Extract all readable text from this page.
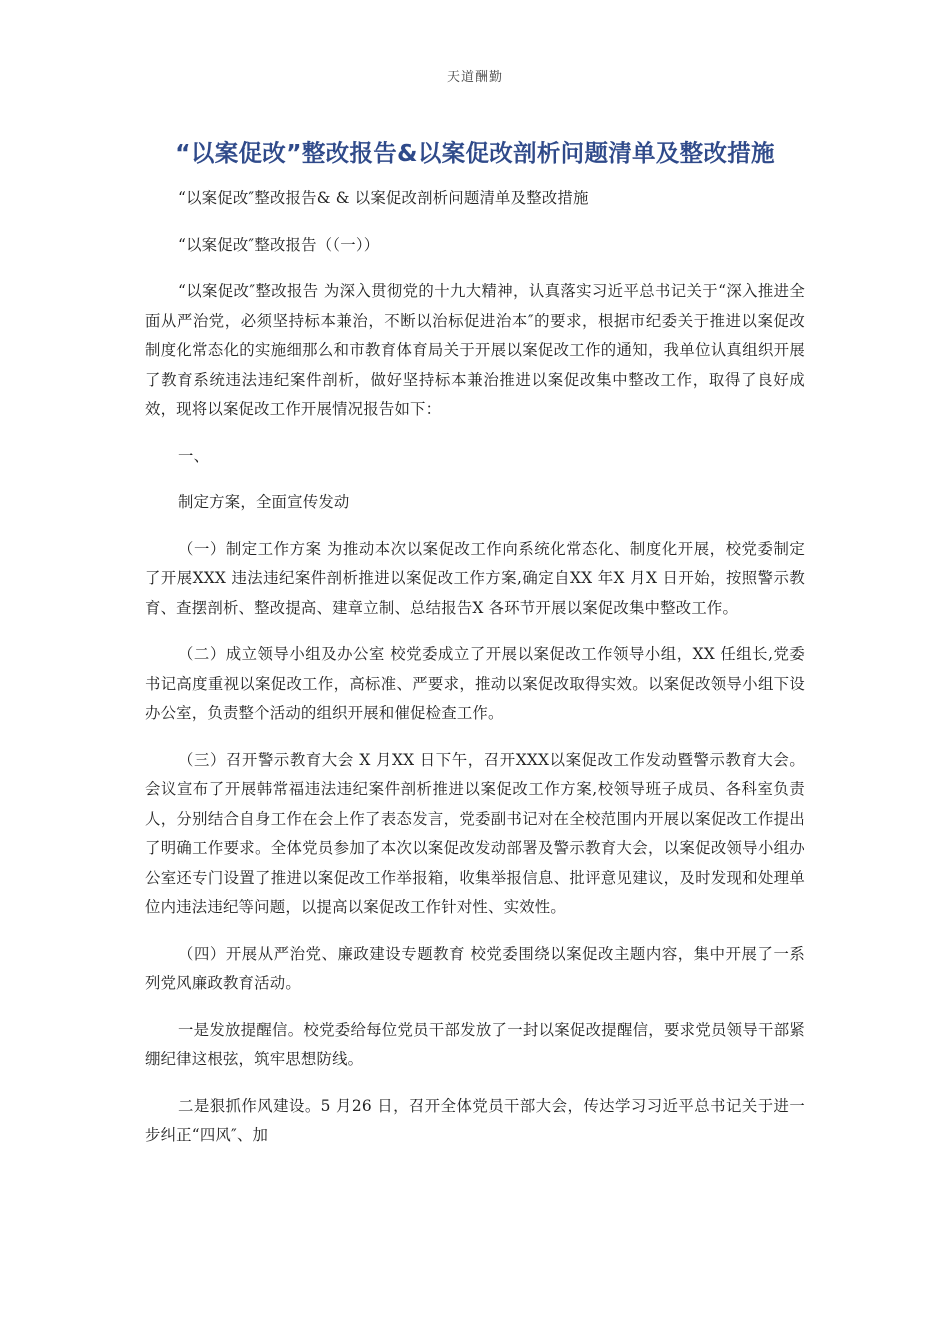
天道酬勤
“以案促改”整改报告&以案促改剖析问题清单及整改措施

“以案促改″整改报告& & 以案促改剖析问题清单及整改措施

“以案促改″整改报告（（一））

“以案促改″整改报告 为深入贯彻党的十九大精神，认真落实习近平总书记关于“深入推进全面从严治党，必须坚持标本兼治，不断以治标促进治本″的要求，根据市纪委关于推进以案促改制度化常态化的实施细那么和市教育体育局关于开展以案促改工作的通知，我单位认真组织开展了教育系统违法违纪案件剖析，做好坚持标本兼治推进以案促改集中整改工作，取得了良好成效，现将以案促改工作开展情况报告如下：

一、

制定方案，全面宣传发动

（一）制定工作方案 为推动本次以案促改工作向系统化常态化、制度化开展，校党委制定了开展XXX 违法违纪案件剖析推进以案促改工作方案,确定自XX 年X 月X 日开始，按照警示教育、查摆剖析、整改提高、建章立制、总结报告X 各环节开展以案促改集中整改工作。

（二）成立领导小组及办公室 校党委成立了开展以案促改工作领导小组，XX 任组长,党委书记高度重视以案促改工作，高标准、严要求，推动以案促改取得实效。以案促改领导小组下设办公室，负责整个活动的组织开展和催促检查工作。

（三）召开警示教育大会 X 月XX 日下午，召开XXX以案促改工作发动暨警示教育大会。会议宣布了开展韩常福违法违纪案件剖析推进以案促改工作方案,校领导班子成员、各科室负责人，分别结合自身工作在会上作了表态发言，党委副书记对在全校范围内开展以案促改工作提出了明确工作要求。全体党员参加了本次以案促改发动部署及警示教育大会，以案促改领导小组办公室还专门设置了推进以案促改工作举报箱，收集举报信息、批评意见建议，及时发现和处理单位内违法违纪等问题，以提高以案促改工作针对性、实效性。

（四）开展从严治党、廉政建设专题教育 校党委围绕以案促改主题内容，集中开展了一系列党风廉政教育活动。

一是发放提醒信。校党委给每位党员干部发放了一封以案促改提醒信，要求党员领导干部紧绷纪律这根弦，筑牢思想防线。

二是狠抓作风建设。5 月26 日，召开全体党员干部大会，传达学习习近平总书记关于进一步纠正“四风″、加
